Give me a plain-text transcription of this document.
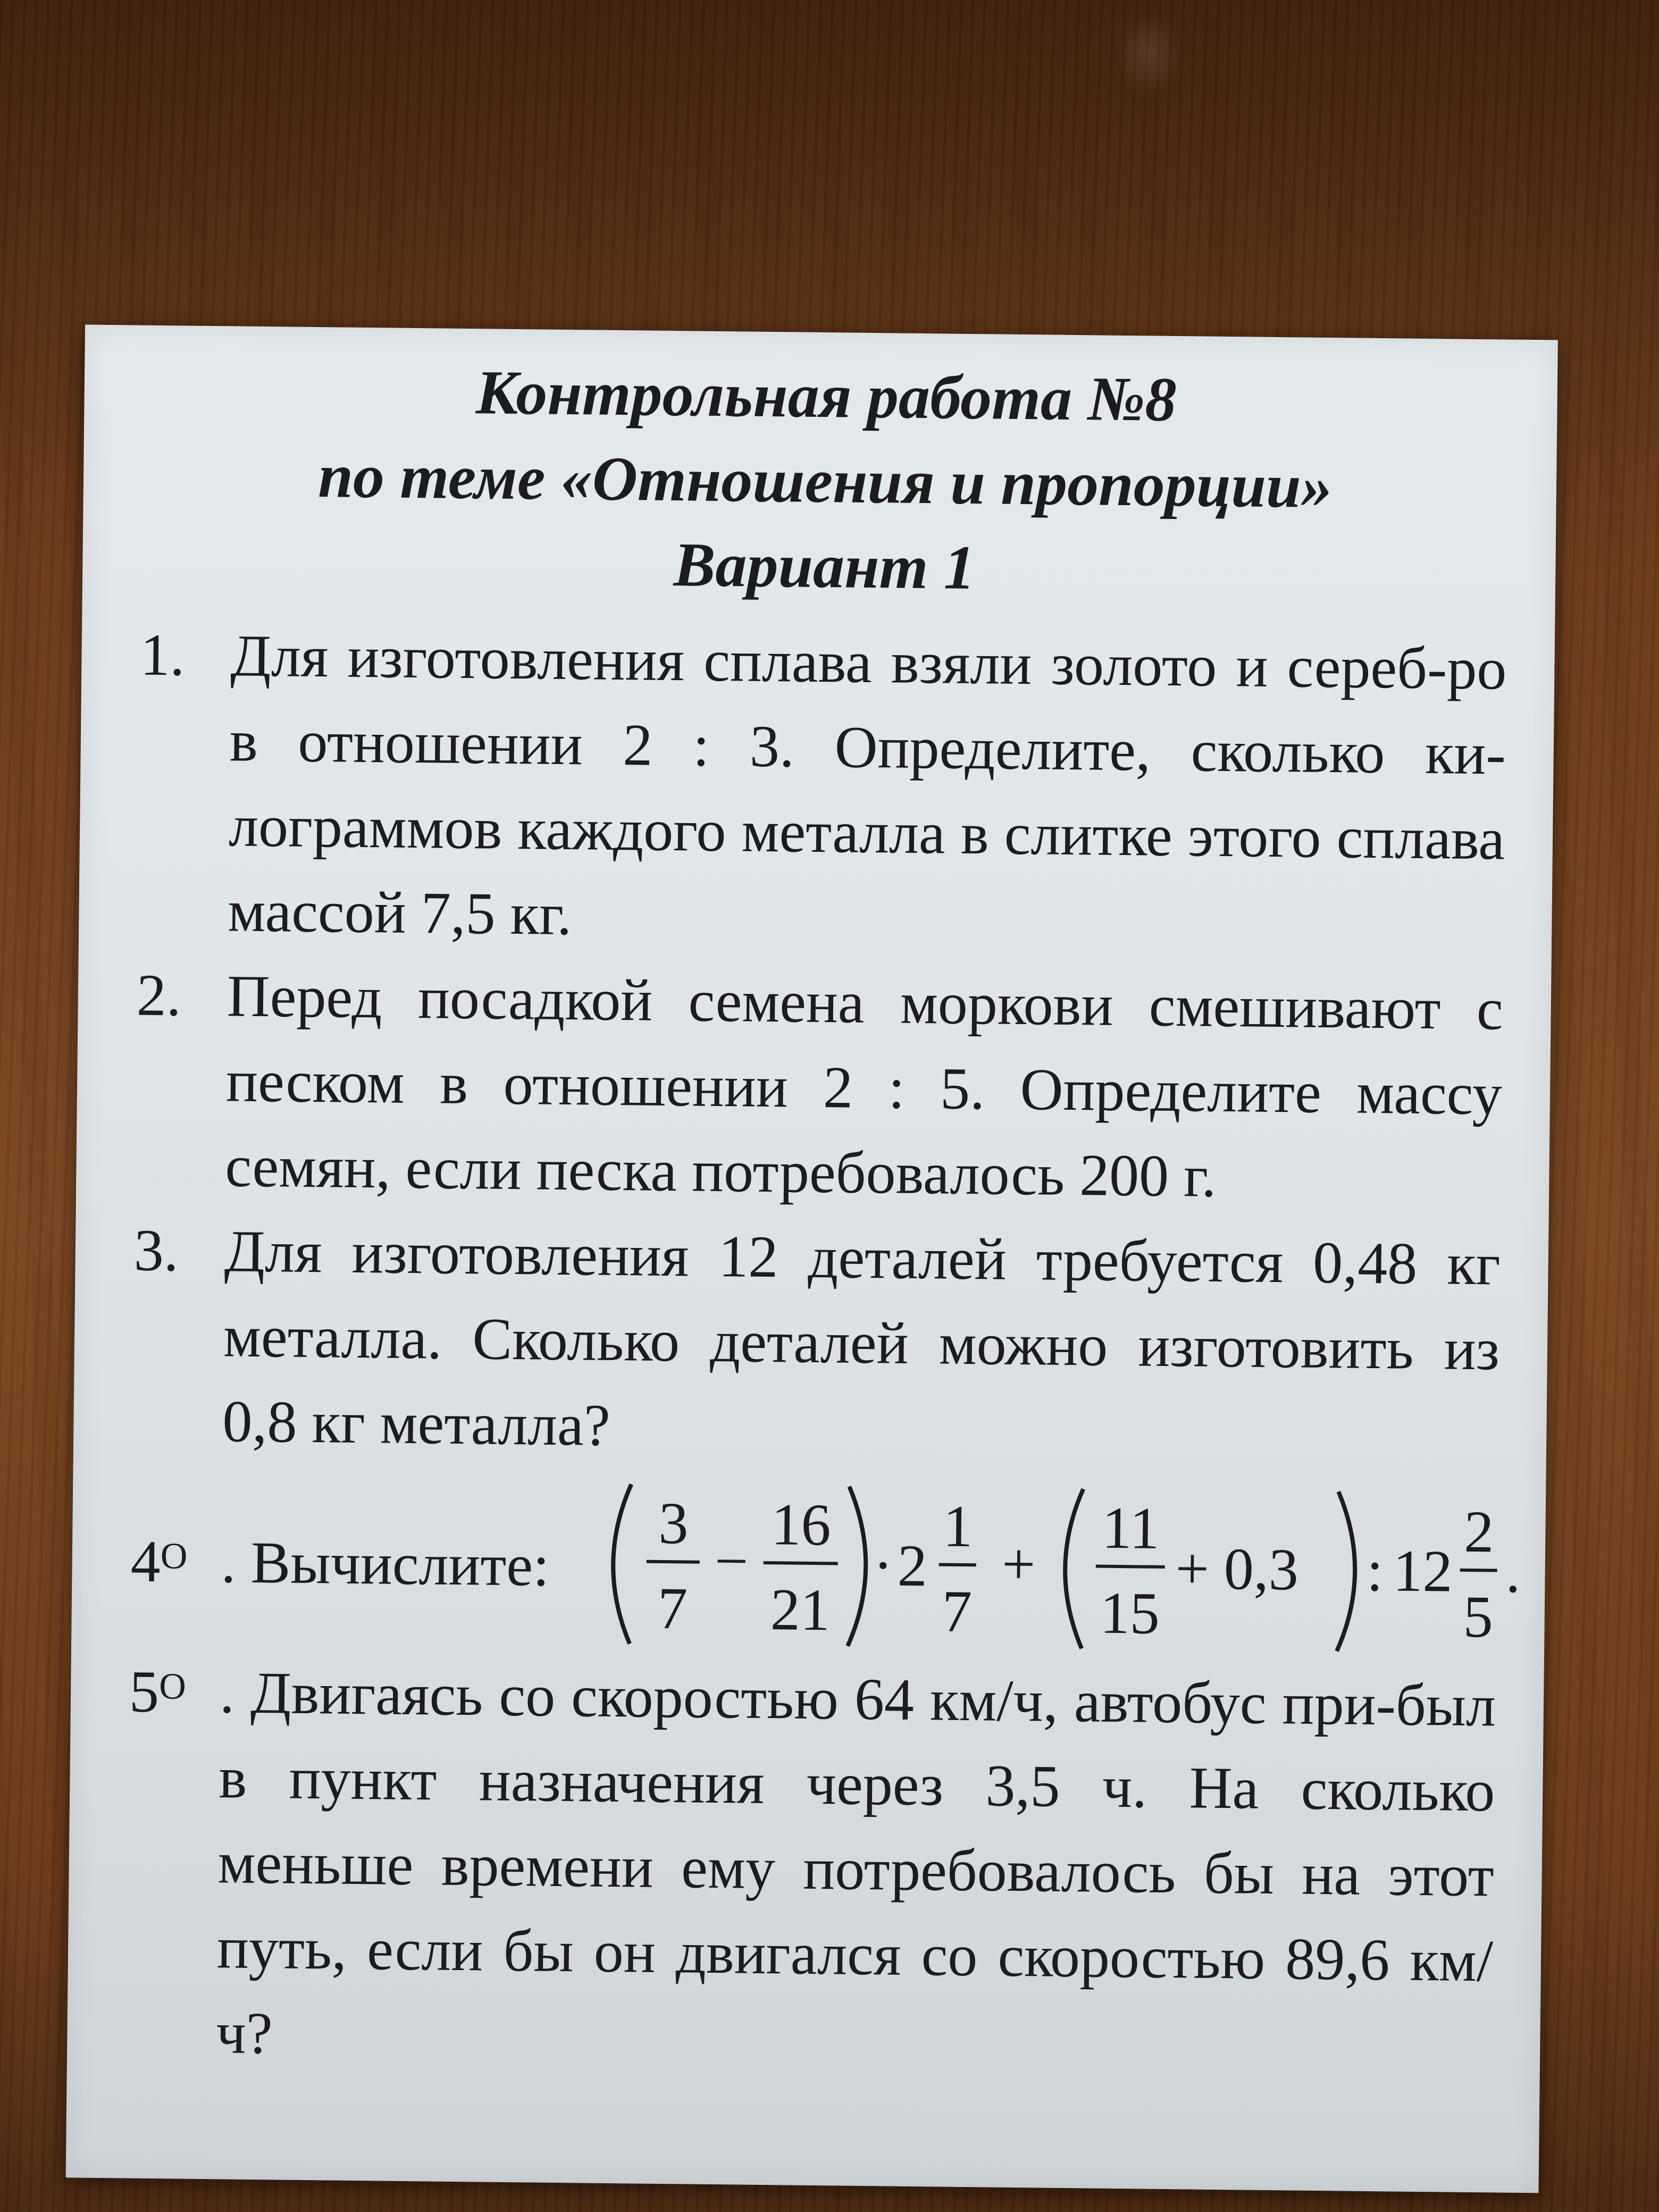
Контрольная работа №8
по теме «Отношения и пропорции»
Вариант 1
1. Для изготовления сплава взяли золото и сереб-ро в отношении 2 : 3. Определите, сколько ки-лограммов каждого металла в слитке этого сплава массой 7,5 кг.
2. Перед посадкой семена моркови смешивают с песком в отношении 2 : 5. Определите массу семян, если песка потребовалось 200 г.
3. Для изготовления 12 деталей требуется 0,48 кг металла. Сколько деталей можно изготовить из 0,8 кг металла?
$4^O$ . Вычислите:
3
7
−
16
21
· 2
1
7
+
11
15
+ 0,3 : 12
2
5
.
$5^O$ . Двигаясь со скоростью 64 км/ч, автобус при-был в пункт назначения через 3,5 ч. На сколько меньше времени ему потребовалось бы на этот путь, если бы он двигался со скоростью 89,6 км/ч?
